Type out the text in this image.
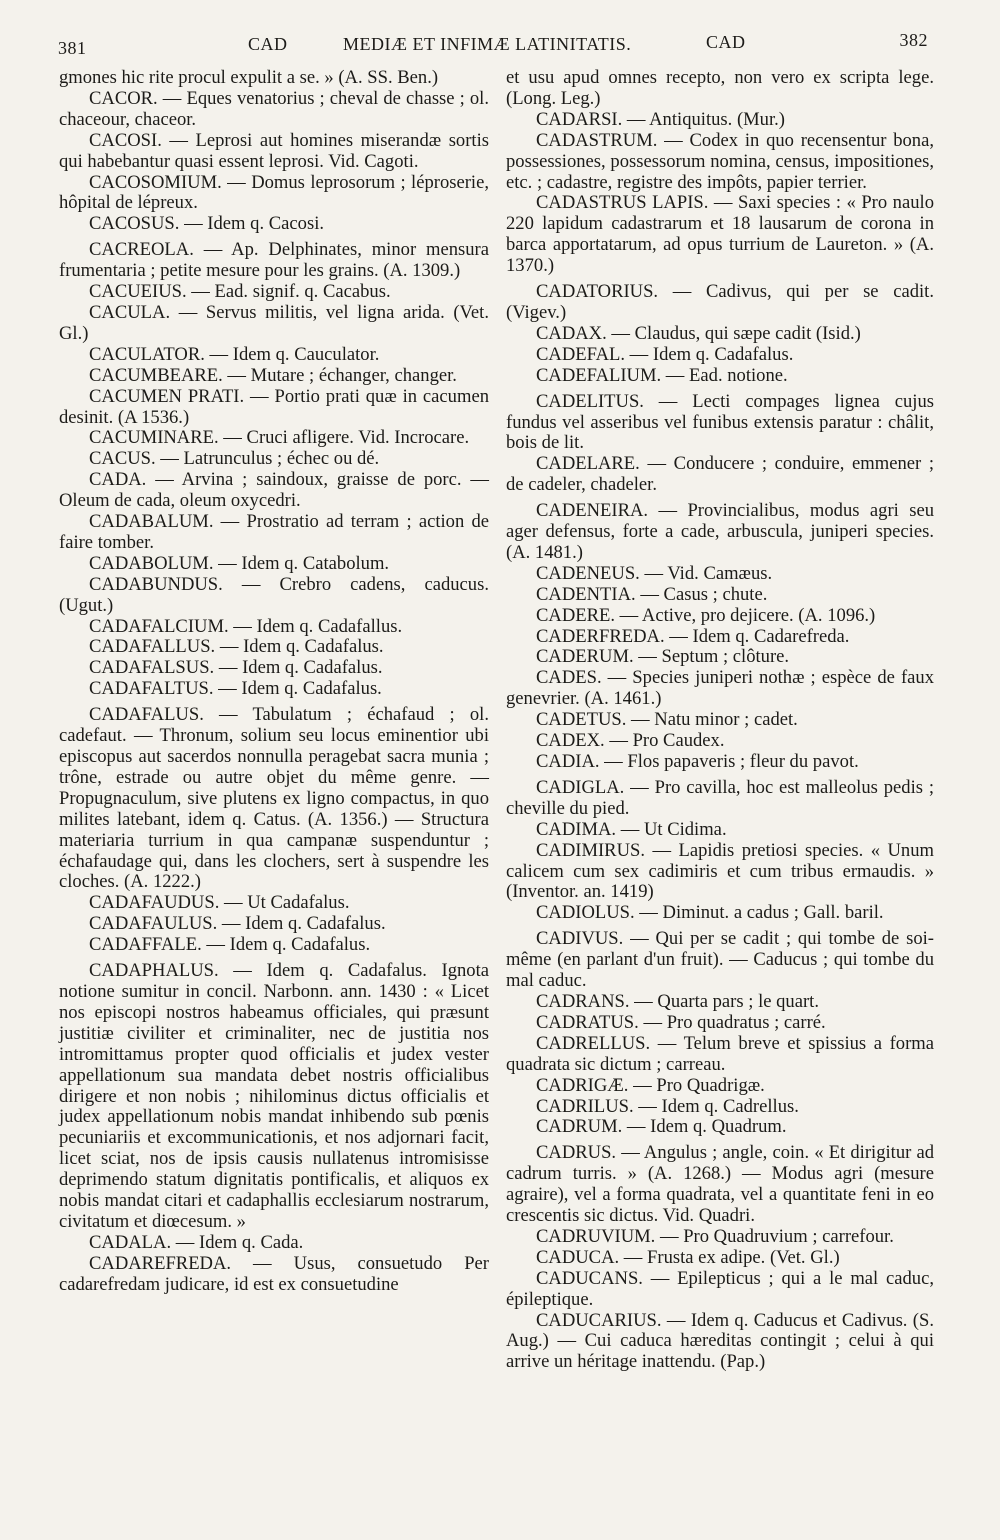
381	CAD	MEDIÆ ET INFIMÆ LATINITATIS.	CAD	382

gmones hic rite procul expulit a se. » (A. SS. Ben.)

CACOR. — Eques venatorius ; cheval de chasse ; ol. chaceour, chaceor.

CACOSI. — Leprosi aut homines miserandæ sortis qui habebantur quasi essent leprosi. Vid. Cagoti.

CACOSOMIUM. — Domus leprosorum ; léproserie, hôpital de lépreux.

CACOSUS. — Idem q. Cacosi.

CACREOLA. — Ap. Delphinates, minor mensura frumentaria ; petite mesure pour les grains. (A. 1309.)

CACUEIUS. — Ead. signif. q. Cacabus.

CACULA. — Servus militis, vel ligna arida. (Vet. Gl.)

CACULATOR. — Idem q. Cauculator.

CACUMBEARE. — Mutare ; échanger, changer.

CACUMEN PRATI. — Portio prati quæ in cacumen desinit. (A 1536.)

CACUMINARE. — Cruci afligere. Vid. Incrocare.

CACUS. — Latrunculus ; échec ou dé.

CADA. — Arvina ; saindoux, graisse de porc. — Oleum de cada, oleum oxycedri.

CADABALUM. — Prostratio ad terram ; action de faire tomber.

CADABOLUM. — Idem q. Catabolum.

CADABUNDUS. — Crebro cadens, caducus. (Ugut.)

CADAFALCIUM. — Idem q. Cadafallus.

CADAFALLUS. — Idem q. Cadafalus.

CADAFALSUS. — Idem q. Cadafalus.

CADAFALTUS. — Idem q. Cadafalus.

CADAFALUS. — Tabulatum ; échafaud ; ol. cadefaut. — Thronum, solium seu locus eminentior ubi episcopus aut sacerdos nonnulla peragebat sacra munia ; trône, estrade ou autre objet du même genre. — Propugnaculum, sive plutens ex ligno compactus, in quo milites latebant, idem q. Catus. (A. 1356.) — Structura materiaria turrium in qua campanæ suspenduntur ; échafaudage qui, dans les clochers, sert à suspendre les cloches. (A. 1222.)

CADAFAUDUS. — Ut Cadafalus.

CADAFAULUS. — Idem q. Cadafalus.

CADAFFALE. — Idem q. Cadafalus.

CADAPHALUS. — Idem q. Cadafalus. Ignota notione sumitur in concil. Narbonn. ann. 1430 : « Licet nos episcopi nostros habeamus officiales, qui præsunt justitiæ civiliter et criminaliter, nec de justitia nos intromittamus propter quod officialis et judex vester appellationum sua mandata debet nostris officialibus dirigere et non nobis ; nihilominus dictus officialis et judex appellationum nobis mandat inhibendo sub pœnis pecuniariis et excommunicationis, et nos adjornari facit, licet sciat, nos de ipsis causis nullatenus intromisisse deprimendo statum dignitatis pontificalis, et aliquos ex nobis mandat citari et cadaphallis ecclesiarum nostrarum, civitatum et diœcesum. »

CADALA. — Idem q. Cada.

CADAREFREDA. — Usus, consuetudo Per cadarefredam judicare, id est ex consuetudine

et usu apud omnes recepto, non vero ex scripta lege. (Long. Leg.)

CADARSI. — Antiquitus. (Mur.)

CADASTRUM. — Codex in quo recensentur bona, possessiones, possessorum nomina, census, impositiones, etc. ; cadastre, registre des impôts, papier terrier.

CADASTRUS LAPIS. — Saxi species : « Pro naulo 220 lapidum cadastrarum et 18 lausarum de corona in barca apportatarum, ad opus turrium de Laureton. » (A. 1370.)

CADATORIUS. — Cadivus, qui per se cadit. (Vigev.)

CADAX. — Claudus, qui sæpe cadit (Isid.)

CADEFAL. — Idem q. Cadafalus.

CADEFALIUM. — Ead. notione.

CADELITUS. — Lecti compages lignea cujus fundus vel asseribus vel funibus extensis paratur : châlit, bois de lit.

CADELARE. — Conducere ; conduire, emmener ; de cadeler, chadeler.

CADENEIRA. — Provincialibus, modus agri seu ager defensus, forte a cade, arbuscula, juniperi species. (A. 1481.)

CADENEUS. — Vid. Camæus.

CADENTIA. — Casus ; chute.

CADERE. — Active, pro dejicere. (A. 1096.)

CADERFREDA. — Idem q. Cadarefreda.

CADERUM. — Septum ; clôture.

CADES. — Species juniperi nothæ ; espèce de faux genevrier. (A. 1461.)

CADETUS. — Natu minor ; cadet.

CADEX. — Pro Caudex.

CADIA. — Flos papaveris ; fleur du pavot.

CADIGLA. — Pro cavilla, hoc est malleolus pedis ; cheville du pied.

CADIMA. — Ut Cidima.

CADIMIRUS. — Lapidis pretiosi species. « Unum calicem cum sex cadimiris et cum tribus ermaudis. » (Inventor. an. 1419)

CADIOLUS. — Diminut. a cadus ; Gall. baril.

CADIVUS. — Qui per se cadit ; qui tombe de soi-même (en parlant d'un fruit). — Caducus ; qui tombe du mal caduc.

CADRANS. — Quarta pars ; le quart.

CADRATUS. — Pro quadratus ; carré.

CADRELLUS. — Telum breve et spissius a forma quadrata sic dictum ; carreau.

CADRIGÆ. — Pro Quadrigæ.

CADRILUS. — Idem q. Cadrellus.

CADRUM. — Idem q. Quadrum.

CADRUS. — Angulus ; angle, coin. « Et dirigitur ad cadrum turris. » (A. 1268.) — Modus agri (mesure agraire), vel a forma quadrata, vel a quantitate feni in eo crescentis sic dictus. Vid. Quadri.

CADRUVIUM. — Pro Quadruvium ; carrefour.

CADUCA. — Frusta ex adipe. (Vet. Gl.)

CADUCANS. — Epilepticus ; qui a le mal caduc, épileptique.

CADUCARIUS. — Idem q. Caducus et Cadivus. (S. Aug.) — Cui caduca hæreditas contingit ; celui à qui arrive un héritage inattendu. (Pap.)
